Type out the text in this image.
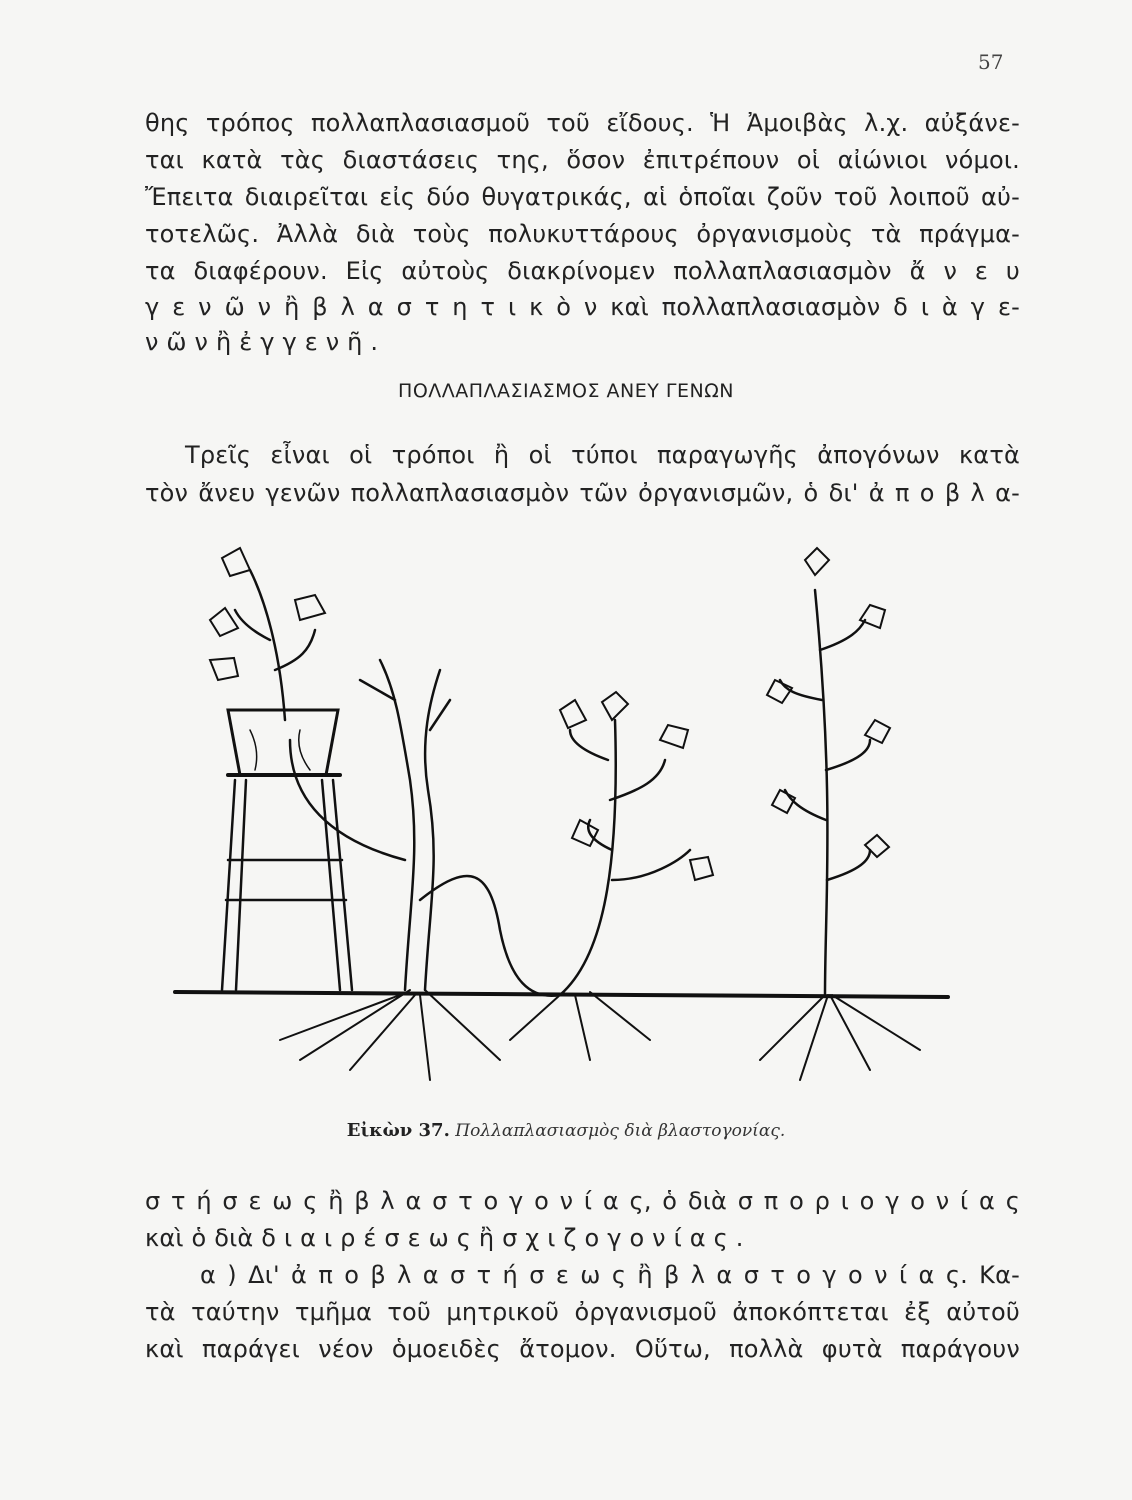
57
θης τρόπος πολλαπλασιασμοῦ τοῦ εἴδους. Ἡ Ἀμοιβὰς λ.χ. αὐξάνε-
ται κατὰ τὰς διαστάσεις της, ὅσον ἐπιτρέπουν οἱ αἰώνιοι νόμοι.
Ἔπειτα διαιρεῖται εἰς δύο θυγατρικάς, αἱ ὁποῖαι ζοῦν τοῦ λοιποῦ αὐ-
τοτελῶς. Ἀλλὰ διὰ τοὺς πολυκυττάρους ὀργανισμοὺς τὰ πράγμα-
τα διαφέρουν. Εἰς αὐτοὺς διακρίνομεν πολλαπλασιασμὸν ἄ ν ε υ
γ ε ν ῶ ν ἢ β λ α σ τ η τ ι κ ὸ ν καὶ πολλαπλασιασμὸν δ ι ὰ γ ε-
ν ῶ ν ἢ ἐ γ γ ε ν ῆ .
ΠΟΛΛΑΠΛΑΣΙΑΣΜΟΣ ΑΝΕΥ ΓΕΝΩΝ
Τρεῖς εἶναι οἱ τρόποι ἢ οἱ τύποι παραγωγῆς ἀπογόνων κατὰ
τὸν ἄνευ γενῶν πολλαπλασιασμὸν τῶν ὀργανισμῶν, ὁ δι' ἀ π ο β λ α-
Εἰκὼν 37. Πολλαπλασιασμὸς διὰ βλαστογονίας.
σ τ ή σ ε ω ς ἢ β λ α σ τ ο γ ο ν ί α ς, ὁ διὰ σ π ο ρ ι ο γ ο ν ί α ς
καὶ ὁ διὰ δ ι α ι ρ έ σ ε ω ς ἢ σ χ ι ζ ο γ ο ν ί α ς .
α ) Δι' ἀ π ο β λ α σ τ ή σ ε ω ς ἢ β λ α σ τ ο γ ο ν ί α ς. Κα-
τὰ ταύτην τμῆμα τοῦ μητρικοῦ ὀργανισμοῦ ἀποκόπτεται ἐξ αὐτοῦ
καὶ παράγει νέον ὁμοειδὲς ἄτομον. Οὕτω, πολλὰ φυτὰ παράγουν
